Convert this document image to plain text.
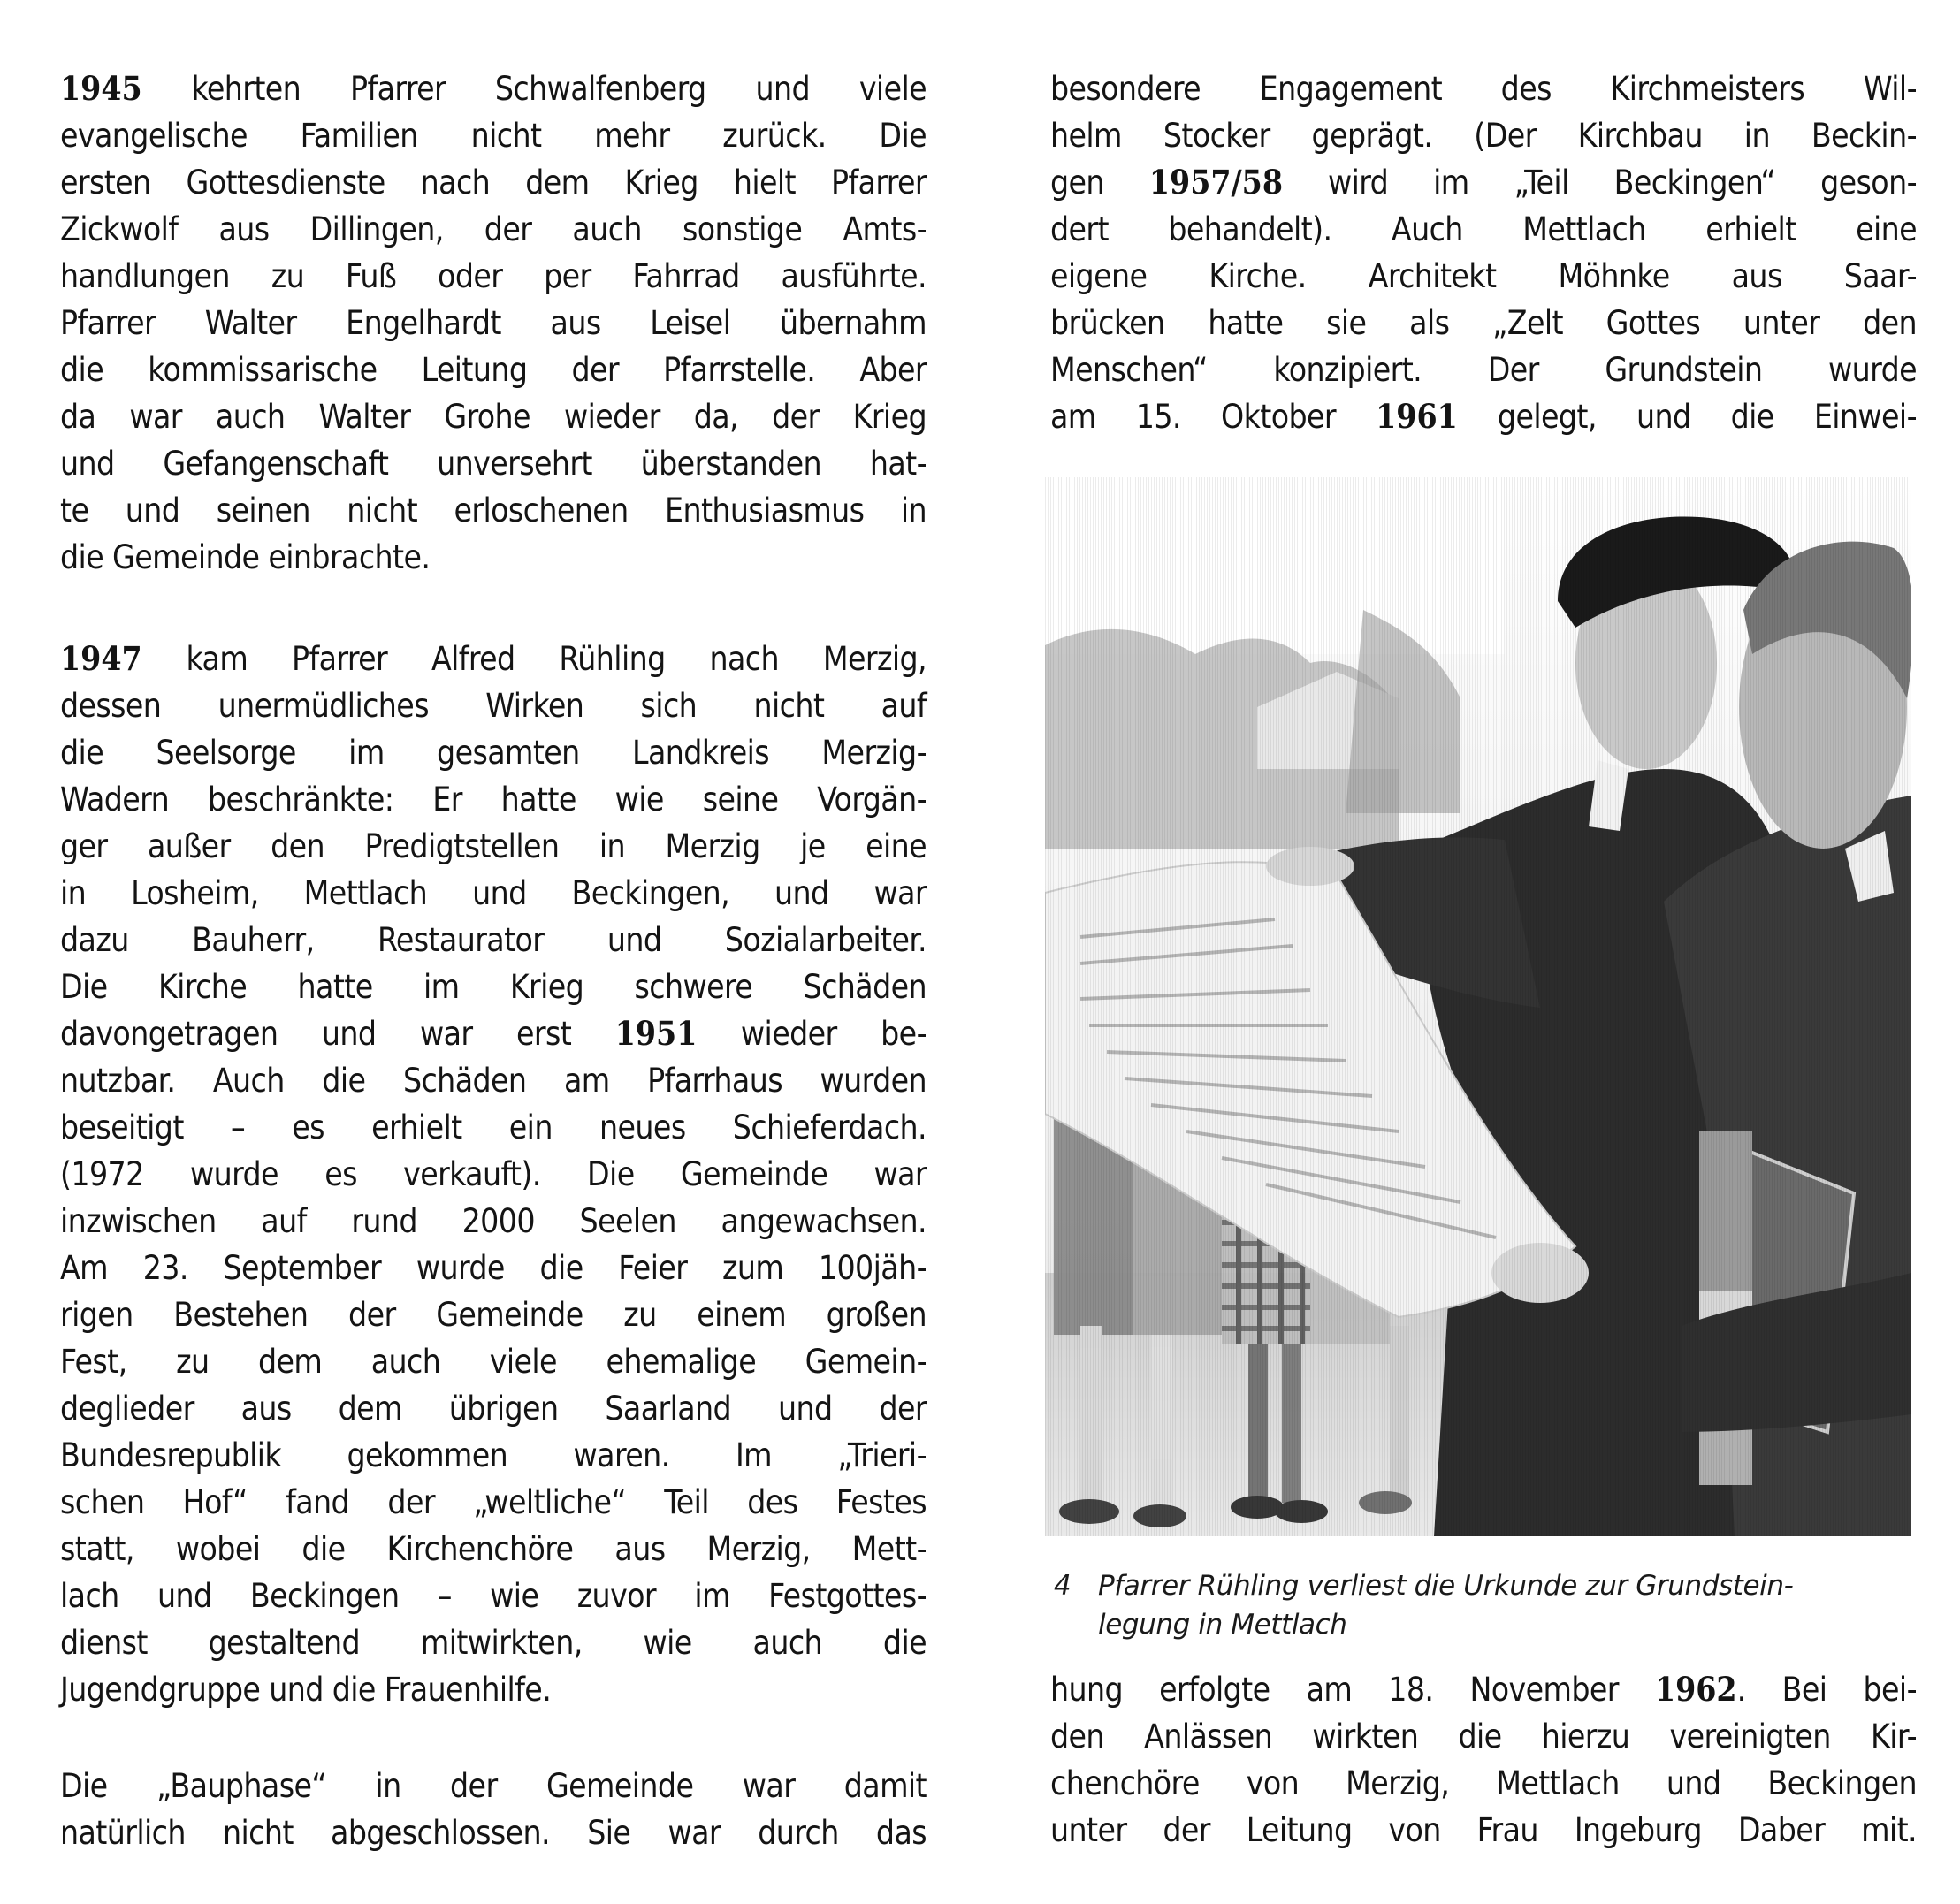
1945 kehrten Pfarrer Schwalfenberg und viele
evangelische Familien nicht mehr zurück. Die
ersten Gottesdienste nach dem Krieg hielt Pfarrer
Zickwolf aus Dillingen, der auch sonstige Amts-
handlungen zu Fuß oder per Fahrrad ausführte.
Pfarrer Walter Engelhardt aus Leisel übernahm
die kommissarische Leitung der Pfarrstelle. Aber
da war auch Walter Grohe wieder da, der Krieg
und Gefangenschaft unversehrt überstanden hat-
te und seinen nicht erloschenen Enthusiasmus in
die Gemeinde einbrachte.
1947 kam Pfarrer Alfred Rühling nach Merzig,
dessen unermüdliches Wirken sich nicht auf
die Seelsorge im gesamten Landkreis Merzig-
Wadern beschränkte: Er hatte wie seine Vorgän-
ger außer den Predigtstellen in Merzig je eine
in Losheim, Mettlach und Beckingen, und war
dazu Bauherr, Restaurator und Sozialarbeiter.
Die Kirche hatte im Krieg schwere Schäden
davongetragen und war erst 1951 wieder be-
nutzbar. Auch die Schäden am Pfarrhaus wurden
beseitigt – es erhielt ein neues Schieferdach.
(1972 wurde es verkauft). Die Gemeinde war
inzwischen auf rund 2000 Seelen angewachsen.
Am 23. September wurde die Feier zum 100jäh-
rigen Bestehen der Gemeinde zu einem großen
Fest, zu dem auch viele ehemalige Gemein-
deglieder aus dem übrigen Saarland und der
Bundesrepublik gekommen waren. Im „Trieri-
schen Hof“ fand der „weltliche“ Teil des Festes
statt, wobei die Kirchenchöre aus Merzig, Mett-
lach und Beckingen – wie zuvor im Festgottes-
dienst gestaltend mitwirkten, wie auch die
Jugendgruppe und die Frauenhilfe.
Die „Bauphase“ in der Gemeinde war damit
natürlich nicht abgeschlossen. Sie war durch das
besondere Engagement des Kirchmeisters Wil-
helm Stocker geprägt. (Der Kirchbau in Beckin-
gen 1957/58 wird im „Teil Beckingen“ geson-
dert behandelt). Auch Mettlach erhielt eine
eigene Kirche. Architekt Möhnke aus Saar-
brücken hatte sie als „Zelt Gottes unter den
Menschen“ konzipiert. Der Grundstein wurde
am 15. Oktober 1961 gelegt, und die Einwei-
4 Pfarrer Rühling verliest die Urkunde zur Grundstein-
legung in Mettlach
hung erfolgte am 18. November 1962. Bei bei-
den Anlässen wirkten die hierzu vereinigten Kir-
chenchöre von Merzig, Mettlach und Beckingen
unter der Leitung von Frau Ingeburg Daber mit.
